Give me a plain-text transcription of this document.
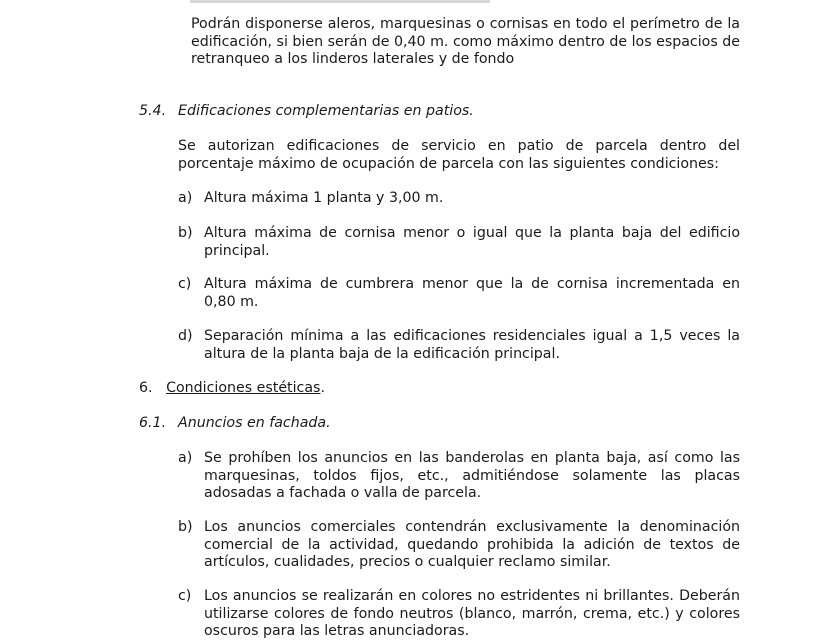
Podrán disponerse aleros, marquesinas o cornisas en todo el perímetro de la edificación, si bien serán de 0,40 m. como máximo dentro de los espacios de retranqueo a los linderos laterales y de fondo
5.4. Edificaciones complementarias en patios.
Se autorizan edificaciones de servicio en patio de parcela dentro del porcentaje máximo de ocupación de parcela con las siguientes condiciones:
a) Altura máxima 1 planta y 3,00 m.
b) Altura máxima de cornisa menor o igual que la planta baja del edificio principal.
c) Altura máxima de cumbrera menor que la de cornisa incrementada en 0,80 m.
d) Separación mínima a las edificaciones residenciales igual a 1,5 veces la altura de la planta baja de la edificación principal.
6. Condiciones estéticas.
6.1. Anuncios en fachada.
a) Se prohíben los anuncios en las banderolas en planta baja, así como las marquesinas, toldos fijos, etc., admitiéndose solamente las placas adosadas a fachada o valla de parcela.
b) Los anuncios comerciales contendrán exclusivamente la denominación comercial de la actividad, quedando prohibida la adición de textos de artículos, cualidades, precios o cualquier reclamo similar.
c) Los anuncios se realizarán en colores no estridentes ni brillantes. Deberán utilizarse colores de fondo neutros (blanco, marrón, crema, etc.) y colores oscuros para las letras anunciadoras.
